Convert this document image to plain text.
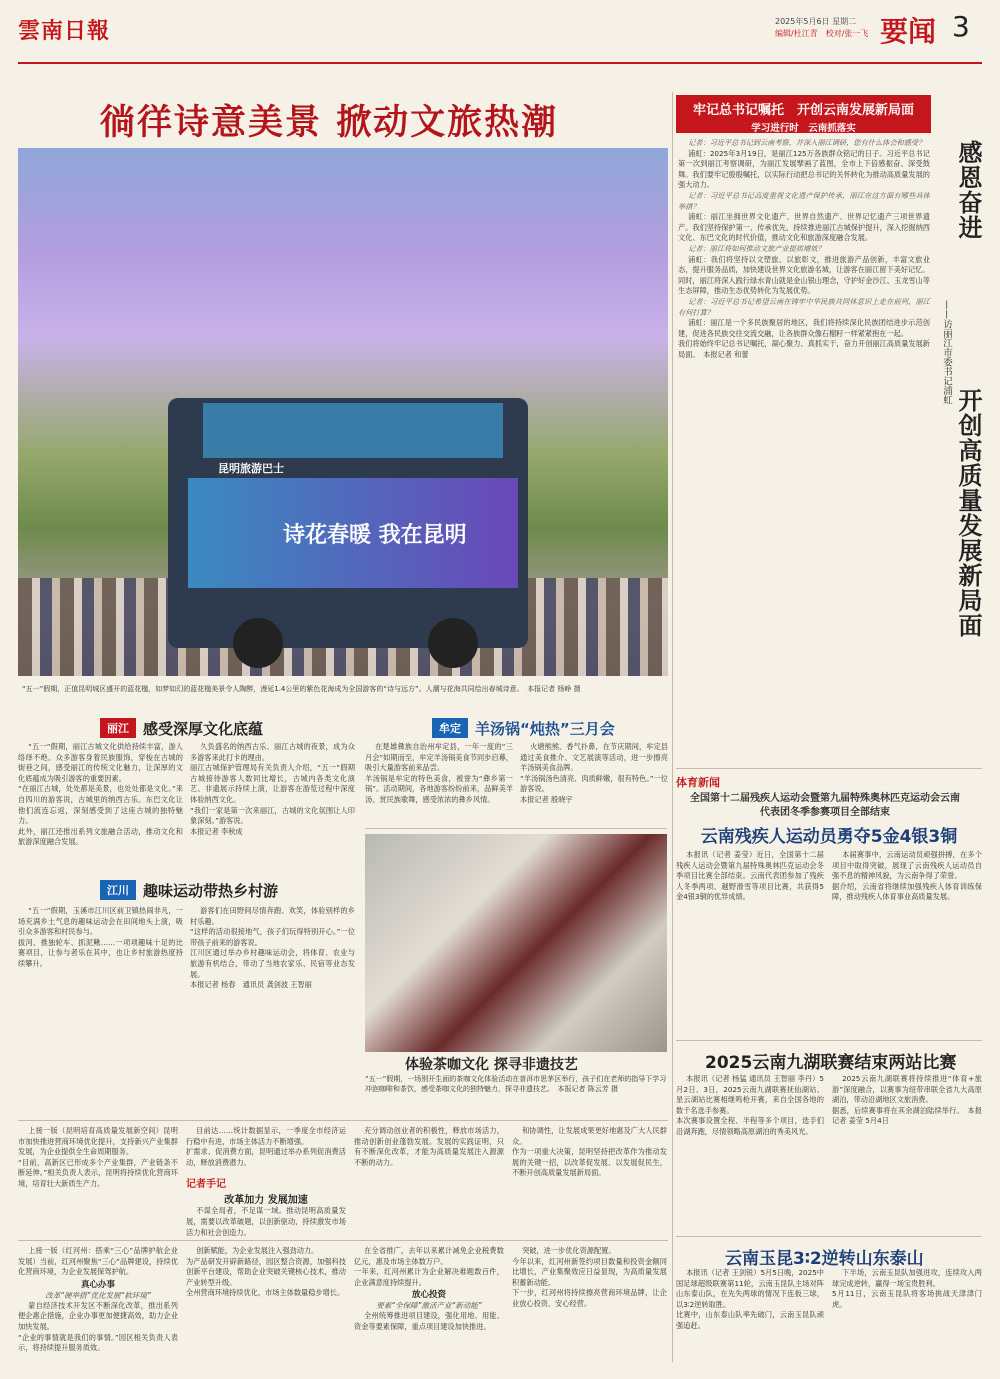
雲南日報	2025年5月6日 星期二
编辑/杜江青　校对/张一飞 要闻 3
徜徉诗意美景 掀动文旅热潮
昆明旅游巴士
诗花春暖 我在昆明
“五一”假期，正值昆明城区盛开的蓝花楹，如梦如幻的蓝花楹美景令人陶醉，漫延1.4公里的紫色花海成为全国游客的“诗与远方”。人潮与花海共同绘出春城诗意。　本报记者 杨峥 摄
丽江 感受深厚文化底蕴

“五一”假期，丽江古城文化供给持续丰富，游人络绎不绝。众多游客身着民族服饰，穿梭在古城的街巷之间，感受丽江的传统文化魅力，让深厚的文化底蕴成为吸引游客的重要因素。
“在丽江古城，处处都是美景，也处处都是文化。”来自四川的游客说，古城里的纳西古乐、东巴文化让他们流连忘返，深刻感受到了这座古城的独特魅力。
此外，丽江还推出系列文旅融合活动，推动文化和旅游深度融合发展。

久负盛名的纳西古乐、丽江古城的夜景，成为众多游客来此打卡的理由。
丽江古城保护管理局有关负责人介绍，“五一”假期古城接待游客人数同比增长，古城内各类文化演艺、非遗展示持续上演，让游客在游览过程中深度体验纳西文化。
“我们一家是第一次来丽江，古城的文化氛围让人印象深刻。”游客说。
本报记者 李秋成

牟定 羊汤锅“炖热”三月会

在楚雄彝族自治州牟定县，一年一度的“三月会”如期而至，牟定羊汤锅美食节同步启幕，吸引大量游客前来品尝。
羊汤锅是牟定的特色美食，被誉为“彝乡第一锅”。活动期间，各地游客纷纷前来，品鲜美羊汤、赏民族歌舞，感受浓浓的彝乡风情。

火塘熊熊、香气扑鼻，在节庆期间，牟定县通过美食推介、文艺展演等活动，进一步擦亮羊汤锅美食品牌。
“羊汤锅汤色清亮、肉质鲜嫩，很有特色。”一位游客说。
本报记者 殷晓宇

江川 趣味运动带热乡村游

“五一”假期，玉溪市江川区前卫镇热闹非凡，一场充满乡土气息的趣味运动会在田间地头上演，吸引众多游客和村民参与。
拔河、推独轮车、抓泥鳅……一项项趣味十足的比赛项目，让参与者乐在其中，也让乡村旅游热度持续攀升。

游客们在田野间尽情奔跑、欢笑，体验别样的乡村乐趣。
“这样的活动很接地气，孩子们玩得特别开心。”一位带孩子前来的游客说。
江川区通过举办乡村趣味运动会，将体育、农业与旅游有机结合，带动了当地农家乐、民宿等业态发展。
本报记者 杨春　通讯员 龚剑波 王智丽

体验茶咖文化 探寻非遗技艺
“五一”假期，一场别开生面的茶咖文化体验活动在普洱市思茅区举行，孩子们在老师的指导下学习冲泡咖啡和茶饮，感受茶咖文化的独特魅力，探寻非遗技艺。　本报记者 陈云芳 摄

上接一版（昆明培育高质量发展新空间）昆明市加快推进营商环境优化提升，支持新兴产业集群发展，为企业提供全生命周期服务。
“目前，高新区已形成多个产业集群，产业链条不断延伸。”相关负责人表示，昆明将持续优化营商环境，培育壮大新质生产力。

目前达……统计数据显示，一季度全市经济运行稳中有进，市场主体活力不断增强。
扩需求、促消费方面，昆明通过举办系列促消费活动，释放消费潜力。

记者手记
改革加力 发展加速

不谋全局者，不足谋一域。推动昆明高质量发展，需要以改革破题，以创新驱动，持续激发市场活力和社会创造力。

充分调动创业者的积极性，释放市场活力，推动创新创业蓬勃发展。发展的实践证明，只有不断深化改革，才能为高质量发展注入源源不断的动力。

和协调性，让发展成果更好地惠及广大人民群众。
作为一项重大决策，昆明坚持把改革作为推动发展的关键一招，以改革促发展、以发展促民生，不断开创高质量发展新局面。

上接一版（红河州：搭乘“三心”品牌护航企业发展）当前，红河州聚焦“三心”品牌建设，持续优化营商环境，为企业发展保驾护航。

真心办事
改革“硬举措”优化发展“软环境”

蒙自经济技术开发区不断深化改革，推出系列便企惠企措施，企业办事更加便捷高效，助力企业加快发展。
“企业的事情就是我们的事情。”园区相关负责人表示，将持续提升服务质效。

创新赋能，为企业发展注入强劲动力。
为产品研发开辟新路径，园区整合资源，加强科技创新平台建设，帮助企业突破关键核心技术，推动产业转型升级。
全州营商环境持续优化，市场主体数量稳步增长。

在全省推广，去年以来累计减免企业税费数亿元，惠及市场主体数万户。
一年来，红河州累计为企业解决难题数百件，企业满意度持续提升。

放心投资
要素“全保障”激活产业“新动能”

全州统筹推进项目建设，强化用地、用能、资金等要素保障，重点项目建设加快推进。

突破，进一步优化资源配置。
今年以来，红河州新签约项目数量和投资金额同比增长，产业集聚效应日益显现，为高质量发展积蓄新动能。
下一步，红河州将持续擦亮营商环境品牌，让企业放心投资、安心经营。

牢记总书记嘱托　开创云南发展新局面
学习进行时　云南抓落实
感恩奋进
——访丽江市委书记浦虹
开创高质量发展新局面

记者：习近平总书记到云南考察，并深入丽江调研，您有什么体会和感受？

浦虹：2025年3月19日，是丽江125万各族群众铭记的日子。习近平总书记第一次到丽江考察调研，为丽江发展擘画了蓝图，全市上下倍感振奋、深受鼓舞。我们要牢记殷殷嘱托，以实际行动把总书记的关怀转化为推动高质量发展的强大动力。

记者：习近平总书记高度重视文化遗产保护传承，丽江在这方面有哪些具体举措？

浦虹：丽江坐拥世界文化遗产、世界自然遗产、世界记忆遗产三项世界遗产。我们坚持保护第一、传承优先，持续推进丽江古城保护提升，深入挖掘纳西文化、东巴文化的时代价值，推动文化和旅游深度融合发展。

记者：丽江将如何推动文旅产业提质增效？

浦虹：我们将坚持以文塑旅、以旅彰文，推进旅游产品创新，丰富文旅业态，提升服务品质，加快建设世界文化旅游名城，让游客在丽江留下美好记忆。
同时，丽江将深入践行绿水青山就是金山银山理念，守护好金沙江、玉龙雪山等生态屏障，推动生态优势转化为发展优势。

记者：习近平总书记希望云南在铸牢中华民族共同体意识上走在前列，丽江有何打算？

浦虹：丽江是一个多民族聚居的地区，我们将持续深化民族团结进步示范创建，促进各民族交往交流交融，让各族群众像石榴籽一样紧紧抱在一起。
我们将始终牢记总书记嘱托，凝心聚力、真抓实干，奋力开创丽江高质量发展新局面。　本报记者 和蕾

体育新闻
全国第十二届残疾人运动会暨第九届特殊奥林匹克运动会云南代表团冬季参赛项目全部结束
云南残疾人运动员勇夺5金4银3铜

本报讯（记者 姜莹）近日，全国第十二届残疾人运动会暨第九届特殊奥林匹克运动会冬季项目比赛全部结束。云南代表团参加了残疾人冬季两项、越野滑雪等项目比赛，共获得5金4银3铜的优异成绩。

本届赛事中，云南运动员顽强拼搏，在多个项目中取得突破，展现了云南残疾人运动员自强不息的精神风貌，为云南争得了荣誉。
据介绍，云南省将继续加强残疾人体育训练保障，推动残疾人体育事业高质量发展。

2025云南九湖联赛结束两站比赛

本报讯（记者 杨猛 通讯员 王智丽 李丹）5月2日、3日，2025云南九湖联赛抚仙湖站、星云湖站比赛相继鸣枪开赛，来自全国各地的数千名选手参赛。
本次赛事设置全程、半程等多个项目，选手们沿湖奔跑，尽情领略高原湖泊的秀美风光。

2025云南九湖联赛将持续推进“体育+旅游”深度融合，以赛事为纽带串联全省九大高原湖泊，带动沿湖地区文旅消费。
据悉，后续赛事将在其余湖泊陆续举行。　本报记者 姜莹 5月4日

云南玉昆3∶2逆转山东泰山

本报讯（记者 王剑锐）5月5日晚，2025中国足球超级联赛第11轮，云南玉昆队主场对阵山东泰山队，在先失两球的情况下连扳三球，以3∶2逆转取胜。
比赛中，山东泰山队率先破门，云南玉昆队顽强追赶。

下半场，云南玉昆队加强进攻，连续攻入两球完成逆转，赢得一场宝贵胜利。
5月11日，云南玉昆队将客场挑战天津津门虎。
